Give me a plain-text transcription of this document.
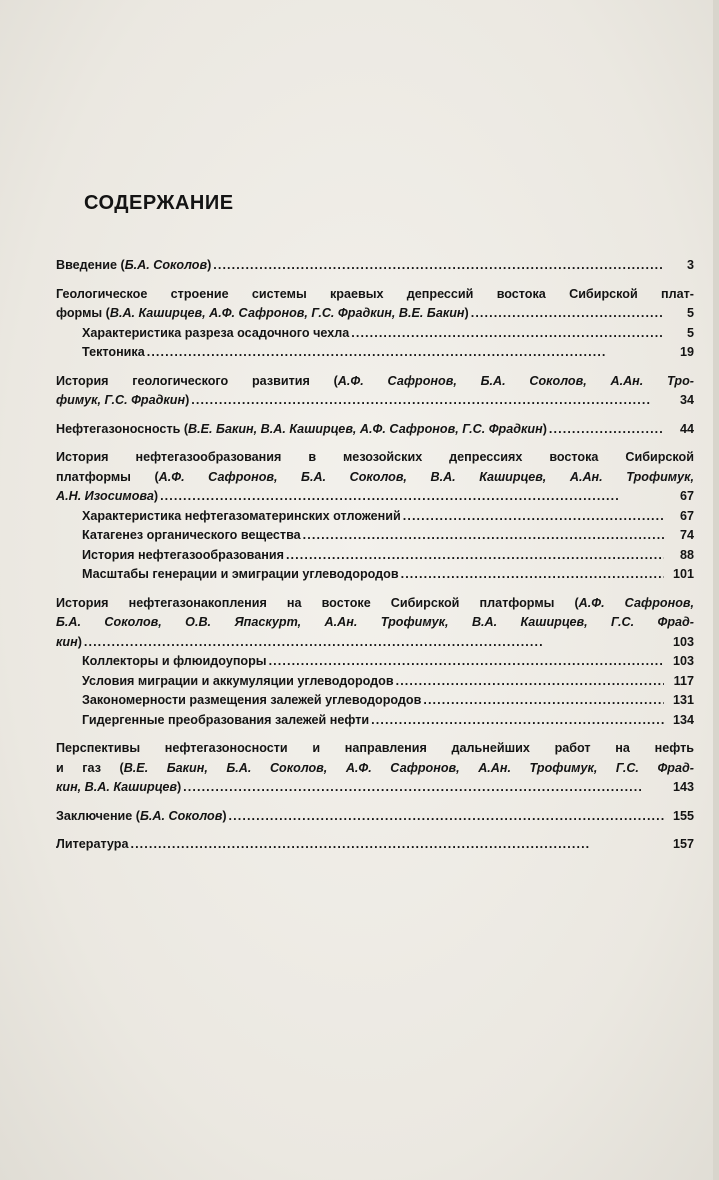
СОДЕРЖАНИЕ
Введение (Б.А. Соколов) . . .	3
Геологическое строение системы краевых депрессий востока Сибирской плат-
формы (В.А. Каширцев, А.Ф. Сафронов, Г.С. Фрадкин, В.Е. Бакин) . . .	5
Характеристика разреза осадочного чехла . . .	5
Тектоника . . .	19
История геологического развития (А.Ф. Сафронов, Б.А. Соколов, А.Ан. Тро-
фимук, Г.С. Фрадкин) . . .	34
Нефтегазоносность (В.Е. Бакин, В.А. Каширцев, А.Ф. Сафронов, Г.С. Фрадкин) . . .	44
История нефтегазообразования в мезозойских депрессиях востока Сибирской
платформы (А.Ф. Сафронов, Б.А. Соколов, В.А. Каширцев, А.Ан. Трофимук,
А.Н. Изосимова) . . .	67
Характеристика нефтегазоматеринских отложений . . .	67
Катагенез органического вещества . . .	74
История нефтегазообразования . . .	88
Масштабы генерации и эмиграции углеводородов . . .	101
История нефтегазонакопления на востоке Сибирской платформы (А.Ф. Сафронов,
Б.А. Соколов, О.В. Япаскурт, А.Ан. Трофимук, В.А. Каширцев, Г.С. Фрад-
кин) . . .	103
Коллекторы и флюидоупоры . . .	103
Условия миграции и аккумуляции углеводородов . . .	117
Закономерности размещения залежей углеводородов . . .	131
Гидергенные преобразования залежей нефти . . .	134
Перспективы нефтегазоносности и направления дальнейших работ на нефть
и газ (В.Е. Бакин, Б.А. Соколов, А.Ф. Сафронов, А.Ан. Трофимук, Г.С. Фрад-
кин, В.А. Каширцев) . . .	143
Заключение (Б.А. Соколов) . . .	155
Литература . . .	157
